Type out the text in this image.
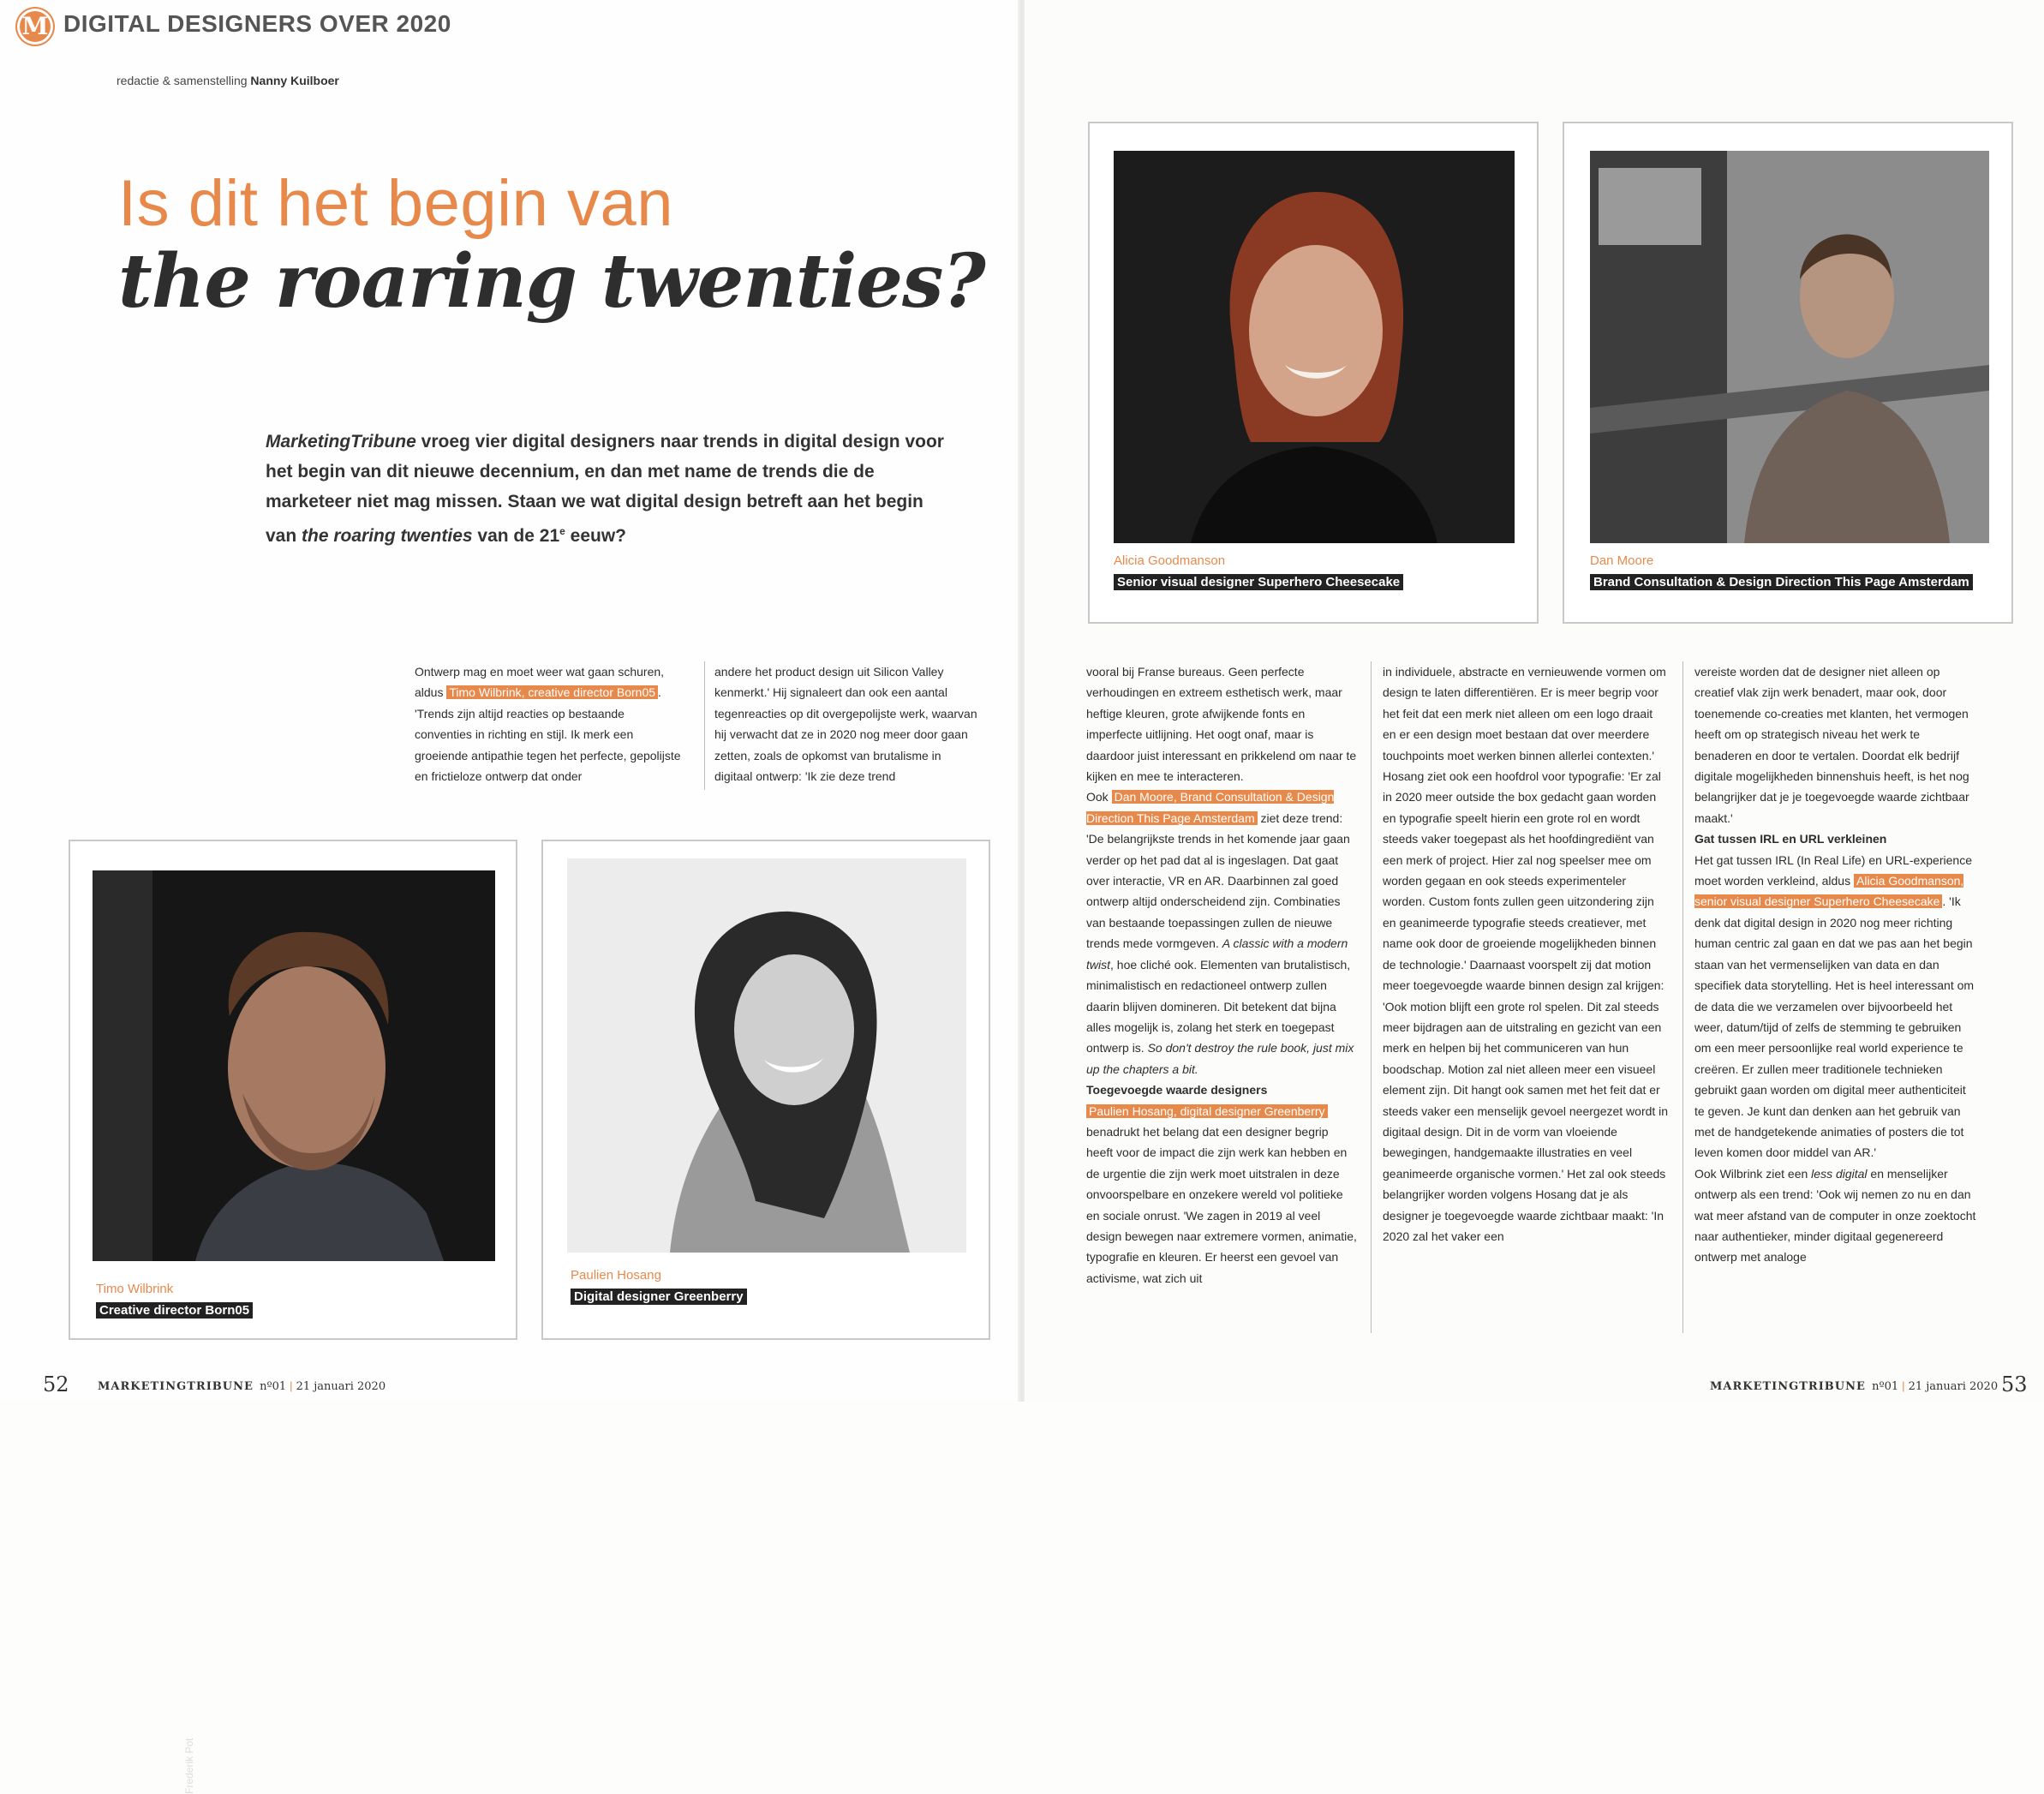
M DIGITAL DESIGNERS OVER 2020
redactie & samenstelling Nanny Kuilboer
Is dit het begin van
the roaring twenties?
MarketingTribune vroeg vier digital designers naar trends in digital design voor het begin van dit nieuwe decennium, en dan met name de trends die de marketeer niet mag missen. Staan we wat digital design betreft aan het begin van the roaring twenties van de 21e eeuw?

Ontwerp mag en moet weer wat gaan schuren, aldus Timo Wilbrink, creative director Born05 . 'Trends zijn altijd reacties op bestaande conventies in richting en stijl. Ik merk een groeiende antipathie tegen het perfecte, gepolijste en frictieloze ontwerp dat onder

andere het product design uit Silicon Valley kenmerkt.' Hij signaleert dan ook een aantal tegenreacties op dit overgepolijste werk, waarvan hij verwacht dat ze in 2020 nog meer door gaan zetten, zoals de opkomst van brutalisme in digitaal ontwerp: 'Ik zie deze trend

Frederik Pot
Timo Wilbrink
Creative director Born05
Paulien Hosang
Digital designer Greenberry
52	MARKETINGTRIBUNE nº01 | 21 januari 2020
Alicia Goodmanson
Senior visual designer Superhero Cheesecake
Dan Moore
Brand Consultation & Design Direction This Page Amsterdam

vooral bij Franse bureaus. Geen perfecte verhoudingen en extreem esthetisch werk, maar heftige kleuren, grote afwijkende fonts en imperfecte uitlijning. Het oogt onaf, maar is daardoor juist interessant en prikkelend om naar te kijken en mee te interacteren.

Ook Dan Moore, Brand Consultation & Design Direction This Page Amsterdam ziet deze trend: 'De belangrijkste trends in het komende jaar gaan verder op het pad dat al is ingeslagen. Dat gaat over interactie, VR en AR. Daarbinnen zal goed ontwerp altijd onderscheidend zijn. Combinaties van bestaande toepassingen zullen de nieuwe trends mede vormgeven. A classic with a modern twist, hoe cliché ook. Elementen van brutalistisch, minimalistisch en redactioneel ontwerp zullen daarin blijven domineren. Dit betekent dat bijna alles mogelijk is, zolang het sterk en toegepast ontwerp is. So don't destroy the rule book, just mix up the chapters a bit.

Toegevoegde waarde designers

Paulien Hosang, digital designer Greenberry benadrukt het belang dat een designer begrip heeft voor de impact die zijn werk kan hebben en de urgentie die zijn werk moet uitstralen in deze onvoorspelbare en onzekere wereld vol politieke en sociale onrust. 'We zagen in 2019 al veel design bewegen naar extremere vormen, animatie, typografie en kleuren. Er heerst een gevoel van activisme, wat zich uit

in individuele, abstracte en vernieuwende vormen om design te laten differentiëren. Er is meer begrip voor het feit dat een merk niet alleen om een logo draait en er een design moet bestaan dat over meerdere touchpoints moet werken binnen allerlei contexten.' Hosang ziet ook een hoofdrol voor typografie: 'Er zal in 2020 meer outside the box gedacht gaan worden en typografie speelt hierin een grote rol en wordt steeds vaker toegepast als het hoofdingrediënt van een merk of project. Hier zal nog speelser mee om worden gegaan en ook steeds experimenteler worden. Custom fonts zullen geen uitzondering zijn en geanimeerde typografie steeds creatiever, met name ook door de groeiende mogelijkheden binnen de technologie.' Daarnaast voorspelt zij dat motion meer toegevoegde waarde binnen design zal krijgen: 'Ook motion blijft een grote rol spelen. Dit zal steeds meer bijdragen aan de uitstraling en gezicht van een merk en helpen bij het communiceren van hun boodschap. Motion zal niet alleen meer een visueel element zijn. Dit hangt ook samen met het feit dat er steeds vaker een menselijk gevoel neergezet wordt in digitaal design. Dit in de vorm van vloeiende bewegingen, handgemaakte illustraties en veel geanimeerde organische vormen.' Het zal ook steeds belangrijker worden volgens Hosang dat je als designer je toegevoegde waarde zichtbaar maakt: 'In 2020 zal het vaker een

vereiste worden dat de designer niet alleen op creatief vlak zijn werk benadert, maar ook, door toenemende co-creaties met klanten, het vermogen heeft om op strategisch niveau het werk te benaderen en door te vertalen. Doordat elk bedrijf digitale mogelijkheden binnenshuis heeft, is het nog belangrijker dat je je toegevoegde waarde zichtbaar maakt.'

Gat tussen IRL en URL verkleinen

Het gat tussen IRL (In Real Life) en URL-experience moet worden verkleind, aldus Alicia Goodmanson, senior visual designer Superhero Cheesecake . 'Ik denk dat digital design in 2020 nog meer richting human centric zal gaan en dat we pas aan het begin staan van het vermenselijken van data en dan specifiek data storytelling. Het is heel interessant om de data die we verzamelen over bijvoorbeeld het weer, datum/tijd of zelfs de stemming te gebruiken om een meer persoonlijke real world experience te creëren. Er zullen meer traditionele technieken gebruikt gaan worden om digital meer authenticiteit te geven. Je kunt dan denken aan het gebruik van met de handgetekende animaties of posters die tot leven komen door middel van AR.'

Ook Wilbrink ziet een less digital en menselijker ontwerp als een trend: 'Ook wij nemen zo nu en dan wat meer afstand van de computer in onze zoektocht naar authentieker, minder digitaal gegenereerd ontwerp met analoge

MARKETINGTRIBUNE nº01 | 21 januari 2020 53
